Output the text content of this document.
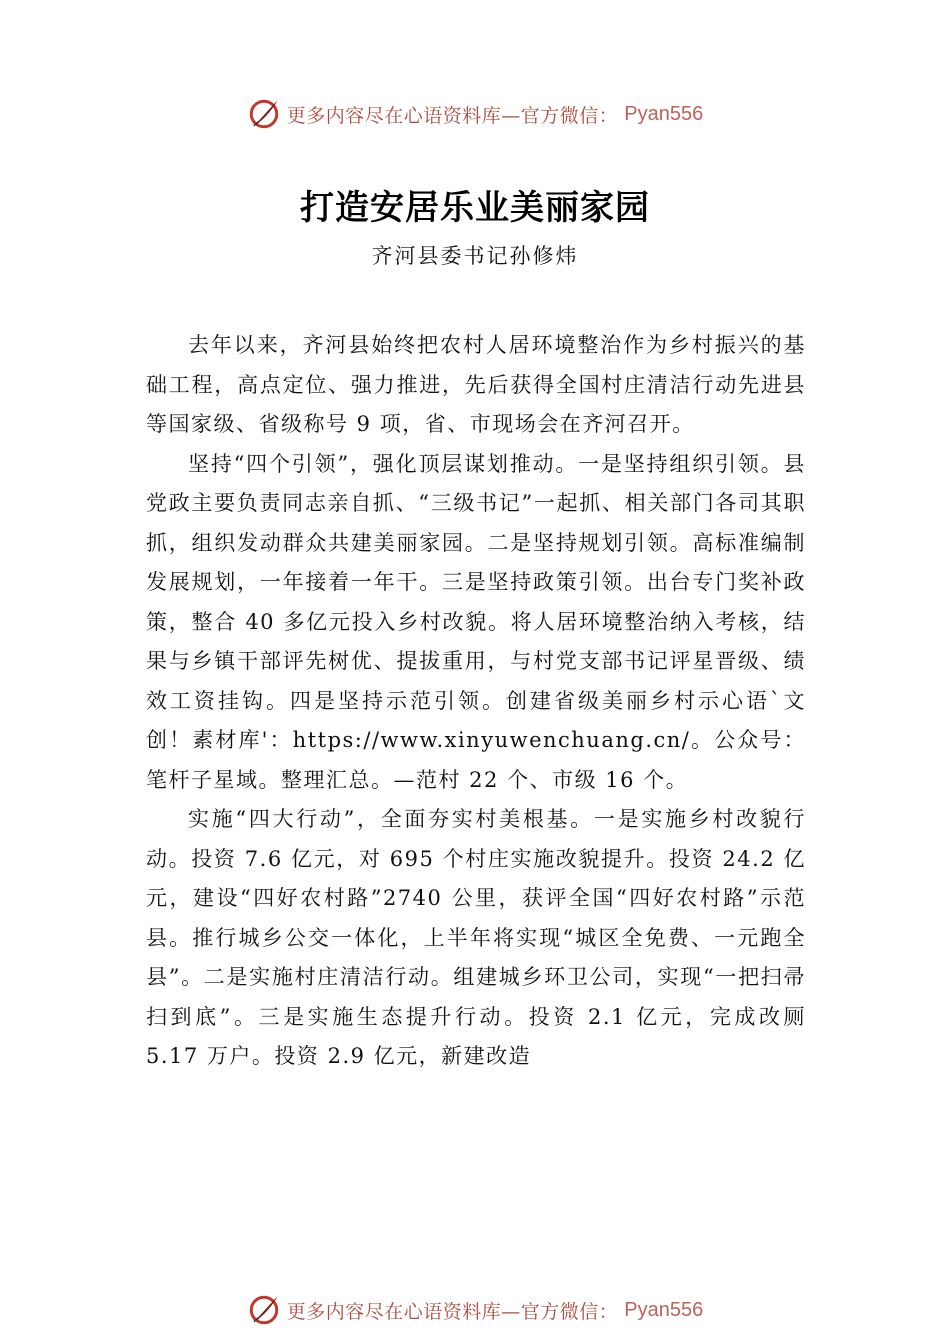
更多内容尽在心语资料库—官方微信： Pyan556
打造安居乐业美丽家园
齐河县委书记孙修炜

去年以来，齐河县始终把农村人居环境整治作为乡村振兴的基础工程，高点定位、强力推进，先后获得全国村庄清洁行动先进县等国家级、省级称号 9 项，省、市现场会在齐河召开。

坚持“四个引领”，强化顶层谋划推动。一是坚持组织引领。县党政主要负责同志亲自抓、“三级书记”一起抓、相关部门各司其职抓，组织发动群众共建美丽家园。二是坚持规划引领。高标准编制发展规划，一年接着一年干。三是坚持政策引领。出台专门奖补政策，整合 40 多亿元投入乡村改貌。将人居环境整治纳入考核，结果与乡镇干部评先树优、提拔重用，与村党支部书记评星晋级、绩效工资挂钩。四是坚持示范引领。创建省级美丽乡村示心语`文创！素材库'：https://www.xinyuwenchuang.cn/。公众号：笔杆子星域。整理汇总。—范村 22 个、市级 16 个。

实施“四大行动”，全面夯实村美根基。一是实施乡村改貌行动。投资 7.6 亿元，对 695 个村庄实施改貌提升。投资 24.2 亿元，建设“四好农村路”2740 公里，获评全国“四好农村路”示范县。推行城乡公交一体化，上半年将实现“城区全免费、一元跑全县”。二是实施村庄清洁行动。组建城乡环卫公司，实现“一把扫帚扫到底”。三是实施生态提升行动。投资 2.1 亿元，完成改厕 5.17 万户。投资 2.9 亿元，新建改造

更多内容尽在心语资料库—官方微信： Pyan556
